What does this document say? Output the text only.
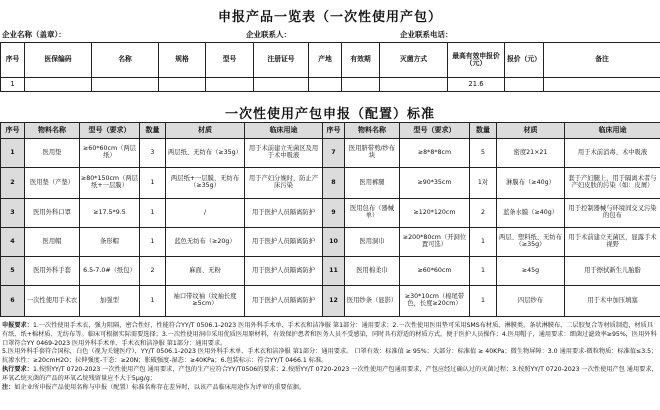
申报产品一览表（一次性使用产包）
企业名称（盖章）：	企业联系人：	企业联系电话：
序号	医保编码	名称	规格	型号	注册证号	产地	有效期	灭菌方式	最高有效申报价（元）	报价（元）	备注
1									21.6		
一次性使用产包申报（配置）标准
序号	物料名称	型号（要求）	数量	材质	临床用途	序号	物料名称	型号（要求）	数量	材质	临床用途
1	医用垫	≥60*60cm（两层纸）	3	两层纸、无纺布（≥35g）	用于术前建立无菌区及用于术中吸液	7	医用脐带剪/纱布块	≥8*8*8cm	5	密度21×21	用于术前消毒、术中吸液
2	医用垫（产垫）	≥80*150cm（两层纸+一层膜）	1	两层纸+一层膜、无纺布（≥35g）	用于产妇分娩时，防止产床污染	8	医用裤腿	≥90*35cm	1对	淋膜布（≥40g）	套于产妇腿上，用于隔离术者与产妇皮肤的污染（如：皮屑）
3	医用外科口罩	≥17.5*9.5	1	/	用于医护人员隔离防护	9	医用包布（器械单）	≥120*120cm	2	蓝条水膜（≥40g）	用于控制器械与环境间交叉污染的包布
4	医用帽	条形帽	1	蓝色无纺布（≥20g）	用于医护人员隔离防护	10	医用洞巾	≥200*80cm（开洞位置可选）	1	两层、塑料纸、无纺布（≥35g）	用于术前建立无菌区，显露手术视野
5	医用外科手套	6.5-7.0#（纸包）	2	麻面、无粉	用于医护人员隔离防护	11	医用棉柔巾	≥60*60cm	1	≥45g	用于擦拭新生儿胎脂
6	一次性使用手术衣	加强型	1	袖口带纹袖（纹袖长度≥5cm）	用于医护人员隔离防护	12	医用纱条（显影）	≥30*10cm（棉尾带色，长度≥20cm）	1	四层纱布	用于术中加压填塞

申报要求：1.一次性使用手术衣，强力阻隔，密合性好，性能符合YY/T 0506.1-2023 医用外科手术单、手术衣和洁净服 第1部分：通用要求；2.一次性使用医用垫可采用SMS布材质、淋膜类、条状淋膜布、二层胶复合等材质制造，材质具有纸、纸+棉材质、无纺布等。临床可根据实际需要选择；3.一次性使用洞巾采用优质医用原材料，有效保护患者和医务人员不受感染，同时具有舒适的材质方式，便于医护人员操作；4.医用帽子，通用要求：细菌过滤效率≥95%，医用外科口罩符合YY 0469-2023 医用外科手术单、手术衣和洁净服 第1部分：通用要求。

5.医用外科手套符合国标，白色（视为关键医疗），YY/T 0506.1-2023 医用外科手术单、手术衣和洁净服 第1部分：通用要求。 口罩有效：标准值 ≥ 95%；大部分：标准值 ≥ 40KPa；微生物屏障：3.0 通用要求-微粒物质：标准值≤3.5；抗渗水性：≥20cmH2O；拉伸强度-干态：≥20N；胀破强度-湿态：≥40KPa；6.包装标示：符合YY/T 0466.1 标准。

执行要求：1.按照YY/T 0720-2023 一次性使用产包 通用要求，产包的生产应符合YY/T0506的要求；2.按照YY/T 0720-2023 一次性使用产包通用要求，产包应经过确认过的灭菌过程；3.按照YY/T 0720-2023 一次性使用产包 通用要求，环氧乙烷灭菌的产品的环氧乙烷残留量应不大于5μg/g；

注：如企业所申报产品使用名称与申报（配置）标准名称存在差异时，以该产品临床用途作为评审的重要依据。
